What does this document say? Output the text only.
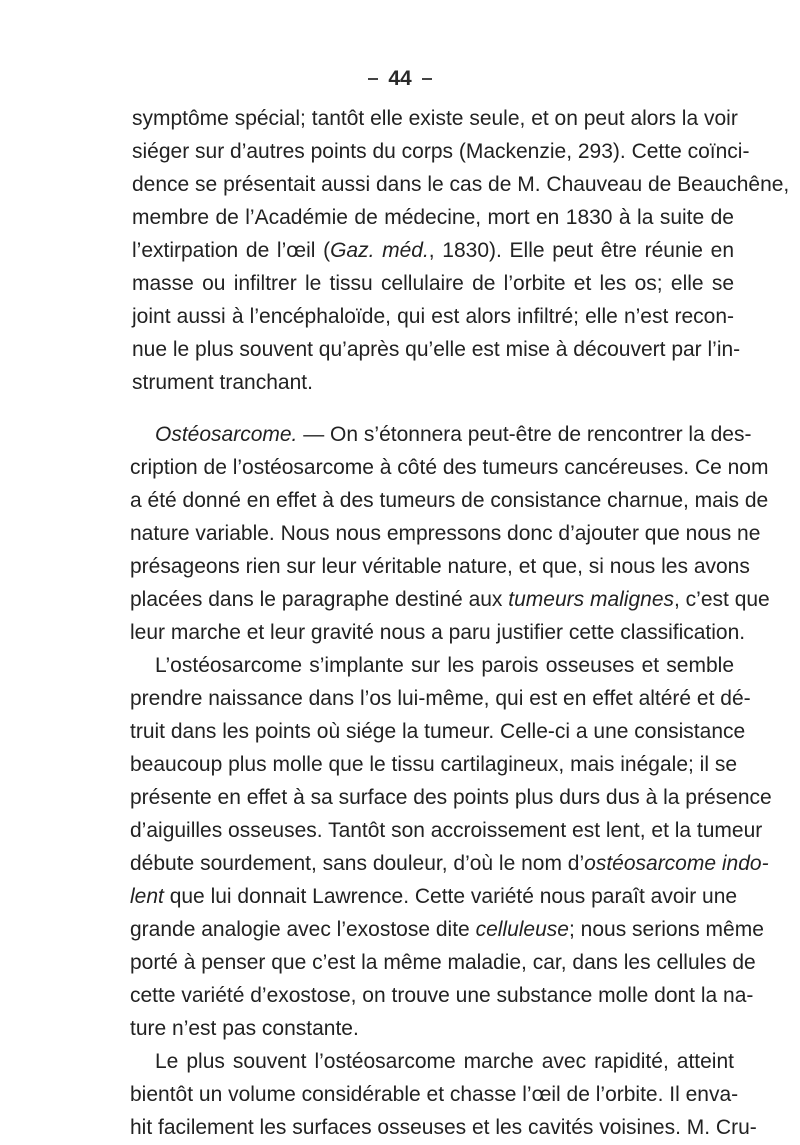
44
symptôme spécial; tantôt elle existe seule, et on peut alors la voir
siéger sur d’autres points du corps (Mackenzie, 293). Cette coïnci-
dence se présentait aussi dans le cas de M. Chauveau de Beauchêne,
membre de l’Académie de médecine, mort en 1830 à la suite de
l’extirpation de l’œil (Gaz. méd., 1830). Elle peut être réunie en
masse ou infiltrer le tissu cellulaire de l’orbite et les os; elle se
joint aussi à l’encéphaloïde, qui est alors infiltré; elle n’est recon-
nue le plus souvent qu’après qu’elle est mise à découvert par l’in-
strument tranchant.
Ostéosarcome. — On s’étonnera peut-être de rencontrer la des-
cription de l’ostéosarcome à côté des tumeurs cancéreuses. Ce nom
a été donné en effet à des tumeurs de consistance charnue, mais de
nature variable. Nous nous empressons donc d’ajouter que nous ne
présageons rien sur leur véritable nature, et que, si nous les avons
placées dans le paragraphe destiné aux tumeurs malignes, c’est que
leur marche et leur gravité nous a paru justifier cette classification.
L’ostéosarcome s’implante sur les parois osseuses et semble
prendre naissance dans l’os lui-même, qui est en effet altéré et dé-
truit dans les points où siége la tumeur. Celle-ci a une consistance
beaucoup plus molle que le tissu cartilagineux, mais inégale; il se
présente en effet à sa surface des points plus durs dus à la présence
d’aiguilles osseuses. Tantôt son accroissement est lent, et la tumeur
débute sourdement, sans douleur, d’où le nom d’ostéosarcome indo-
lent que lui donnait Lawrence. Cette variété nous paraît avoir une
grande analogie avec l’exostose dite celluleuse; nous serions même
porté à penser que c’est la même maladie, car, dans les cellules de
cette variété d’exostose, on trouve une substance molle dont la na-
ture n’est pas constante.
Le plus souvent l’ostéosarcome marche avec rapidité, atteint
bientôt un volume considérable et chasse l’œil de l’orbite. Il enva-
hit facilement les surfaces osseuses et les cavités voisines. M. Cru-
